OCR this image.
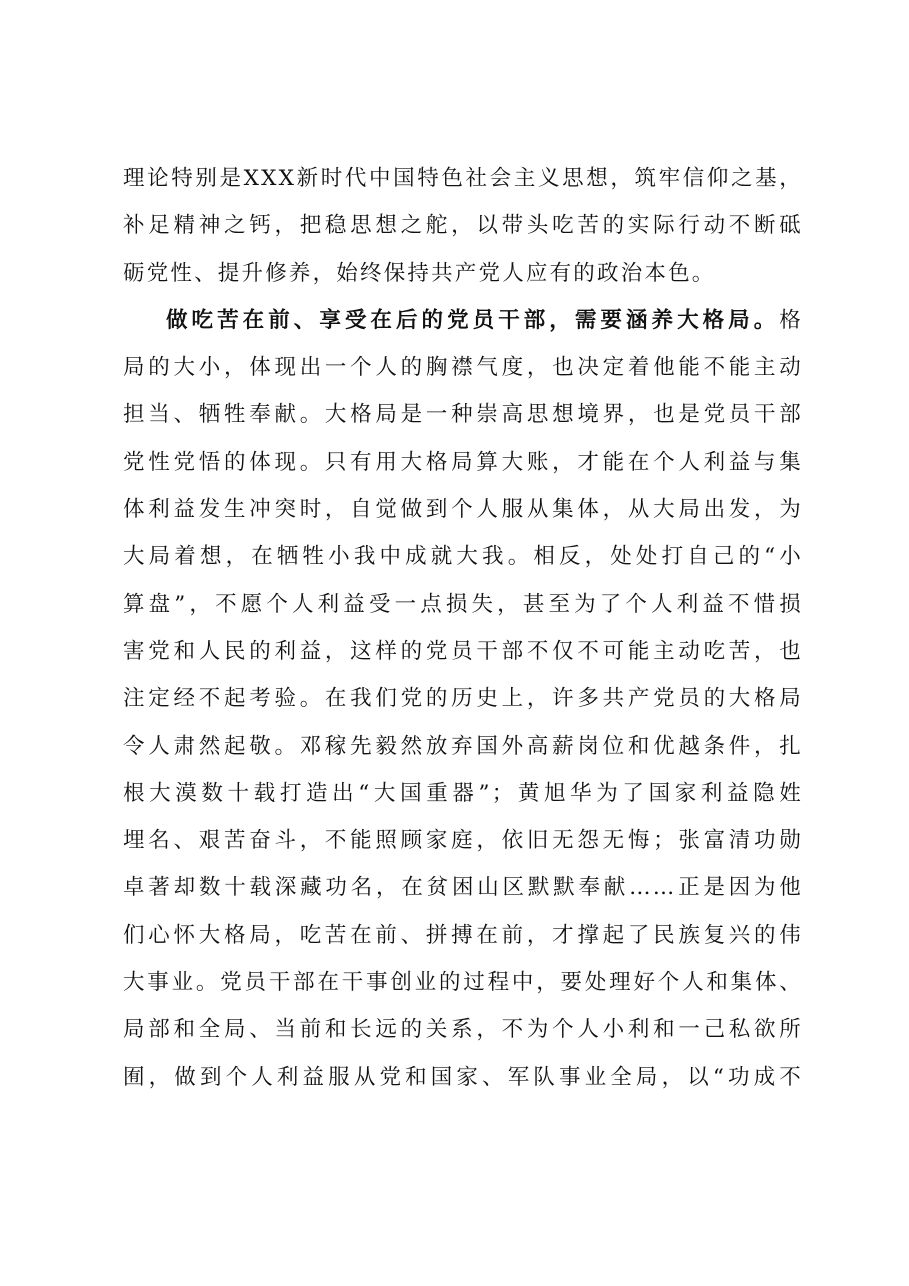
理论特别是XXX新时代中国特色社会主义思想，筑牢信仰之基，
补足精神之钙，把稳思想之舵，以带头吃苦的实际行动不断砥
砺党性、提升修养，始终保持共产党人应有的政治本色。
做吃苦在前、享受在后的党员干部，需要涵养大格局。格
局的大小，体现出一个人的胸襟气度，也决定着他能不能主动
担当、牺牲奉献。大格局是一种崇高思想境界，也是党员干部
党性党悟的体现。只有用大格局算大账，才能在个人利益与集
体利益发生冲突时，自觉做到个人服从集体，从大局出发，为
大局着想，在牺牲小我中成就大我。相反，处处打自己的“小
算盘”，不愿个人利益受一点损失，甚至为了个人利益不惜损
害党和人民的利益，这样的党员干部不仅不可能主动吃苦，也
注定经不起考验。在我们党的历史上，许多共产党员的大格局
令人肃然起敬。邓稼先毅然放弃国外高薪岗位和优越条件，扎
根大漠数十载打造出“大国重器”；黄旭华为了国家利益隐姓
埋名、艰苦奋斗，不能照顾家庭，依旧无怨无悔；张富清功勋
卓著却数十载深藏功名，在贫困山区默默奉献……正是因为他
们心怀大格局，吃苦在前、拼搏在前，才撑起了民族复兴的伟
大事业。党员干部在干事创业的过程中，要处理好个人和集体、
局部和全局、当前和长远的关系，不为个人小利和一己私欲所
囿，做到个人利益服从党和国家、军队事业全局，以“功成不
